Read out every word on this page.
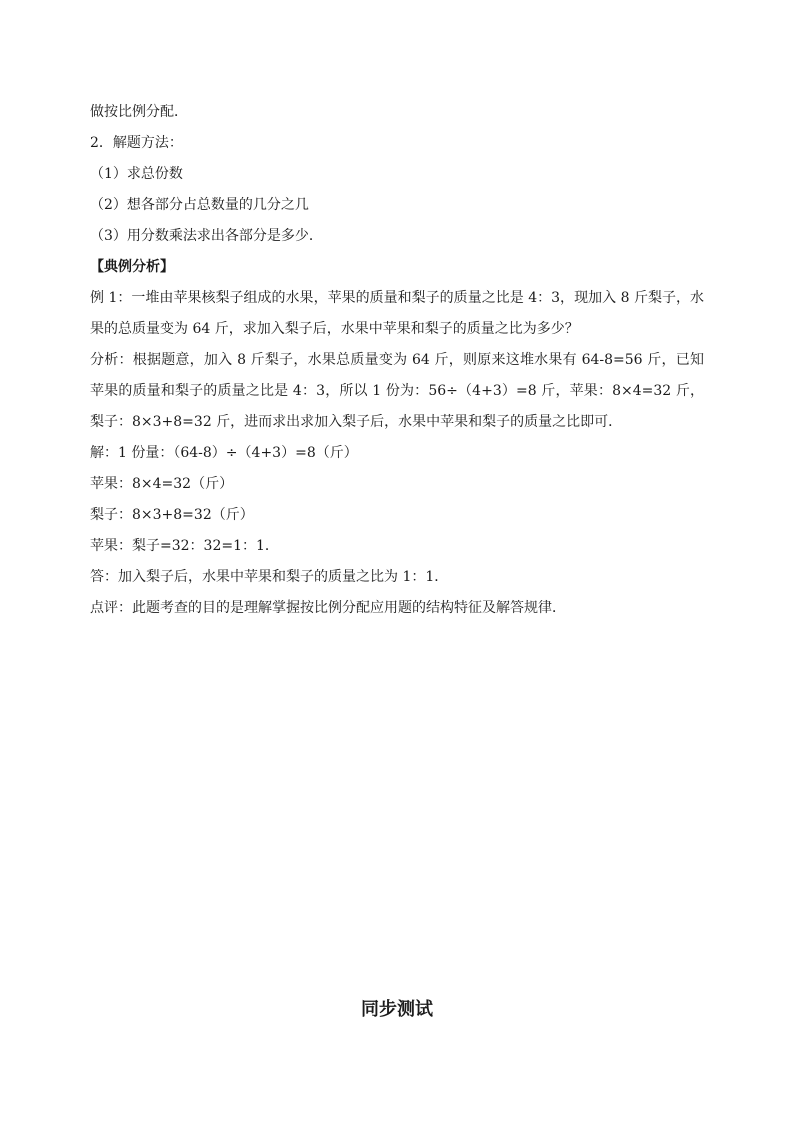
做按比例分配．
2．解题方法：
（1）求总份数
（2）想各部分占总数量的几分之几
（3）用分数乘法求出各部分是多少．
【典例分析】
例 1：一堆由苹果核梨子组成的水果，苹果的质量和梨子的质量之比是 4：3，现加入 8 斤梨子，水果的总质量变为 64 斤，求加入梨子后，水果中苹果和梨子的质量之比为多少？
分析：根据题意，加入 8 斤梨子，水果总质量变为 64 斤，则原来这堆水果有 64-8=56 斤，已知苹果的质量和梨子的质量之比是 4：3，所以 1 份为：56÷（4+3）=8 斤，苹果：8×4=32 斤，梨子：8×3+8=32 斤，进而求出求加入梨子后，水果中苹果和梨子的质量之比即可．
解：1 份量：（64-8）÷（4+3）=8（斤）
苹果：8×4=32（斤）
梨子：8×3+8=32（斤）
苹果：梨子=32：32=1：1．
答：加入梨子后，水果中苹果和梨子的质量之比为 1：1．
点评：此题考查的目的是理解掌握按比例分配应用题的结构特征及解答规律．
同步测试
